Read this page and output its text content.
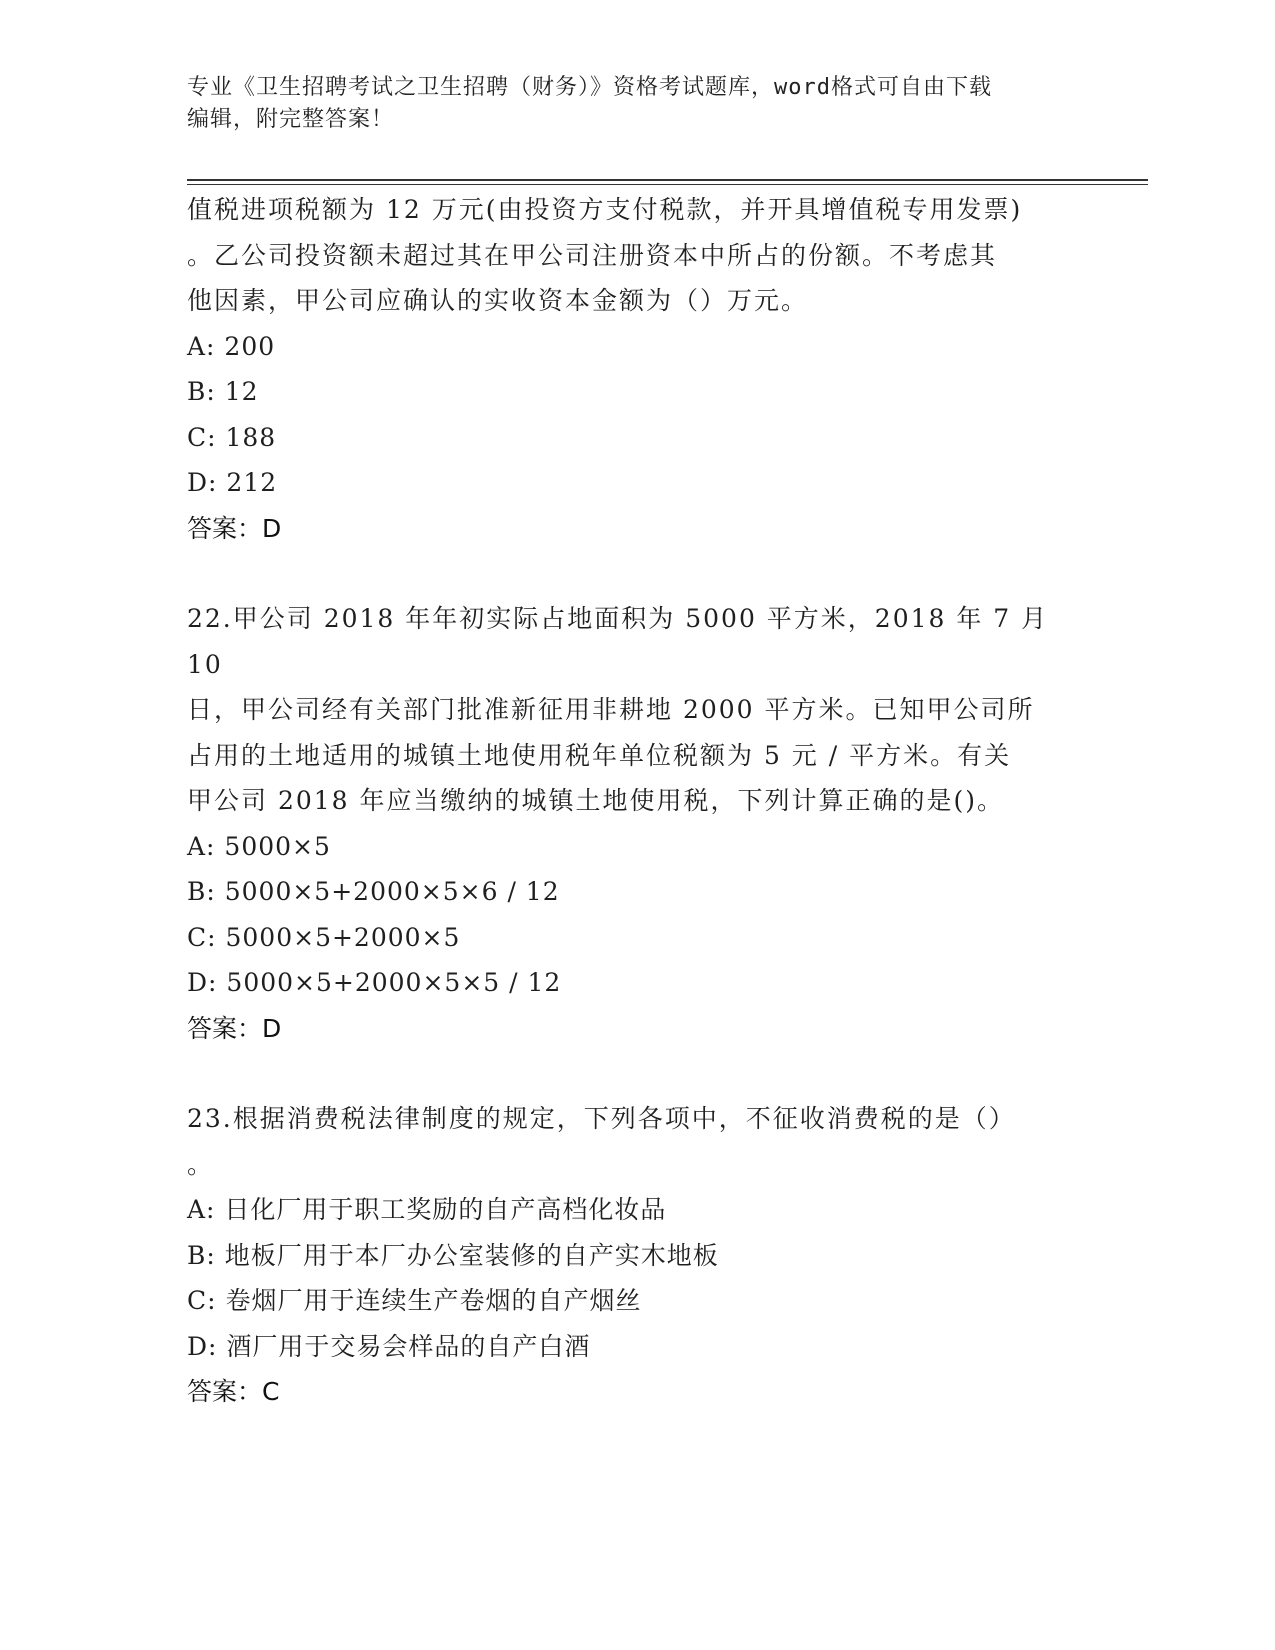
专业《卫生招聘考试之卫生招聘（财务）》资格考试题库，word格式可自由下载
编辑，附完整答案！
值税进项税额为 12 万元(由投资方支付税款，并开具增值税专用发票)
。乙公司投资额未超过其在甲公司注册资本中所占的份额。不考虑其
他因素，甲公司应确认的实收资本金额为（）万元。
A: 200
B: 12
C: 188
D: 212
答案：D
22.甲公司 2018 年年初实际占地面积为 5000 平方米，2018 年 7 月 10
日，甲公司经有关部门批准新征用非耕地 2000 平方米。已知甲公司所
占用的土地适用的城镇土地使用税年单位税额为 5 元 / 平方米。有关
甲公司 2018 年应当缴纳的城镇土地使用税，下列计算正确的是()。
A: 5000×5
B: 5000×5+2000×5×6 / 12
C: 5000×5+2000×5
D: 5000×5+2000×5×5 / 12
答案：D
23.根据消费税法律制度的规定，下列各项中，不征收消费税的是（）
。
A: 日化厂用于职工奖励的自产高档化妆品
B: 地板厂用于本厂办公室装修的自产实木地板
C: 卷烟厂用于连续生产卷烟的自产烟丝
D: 酒厂用于交易会样品的自产白酒
答案：C
